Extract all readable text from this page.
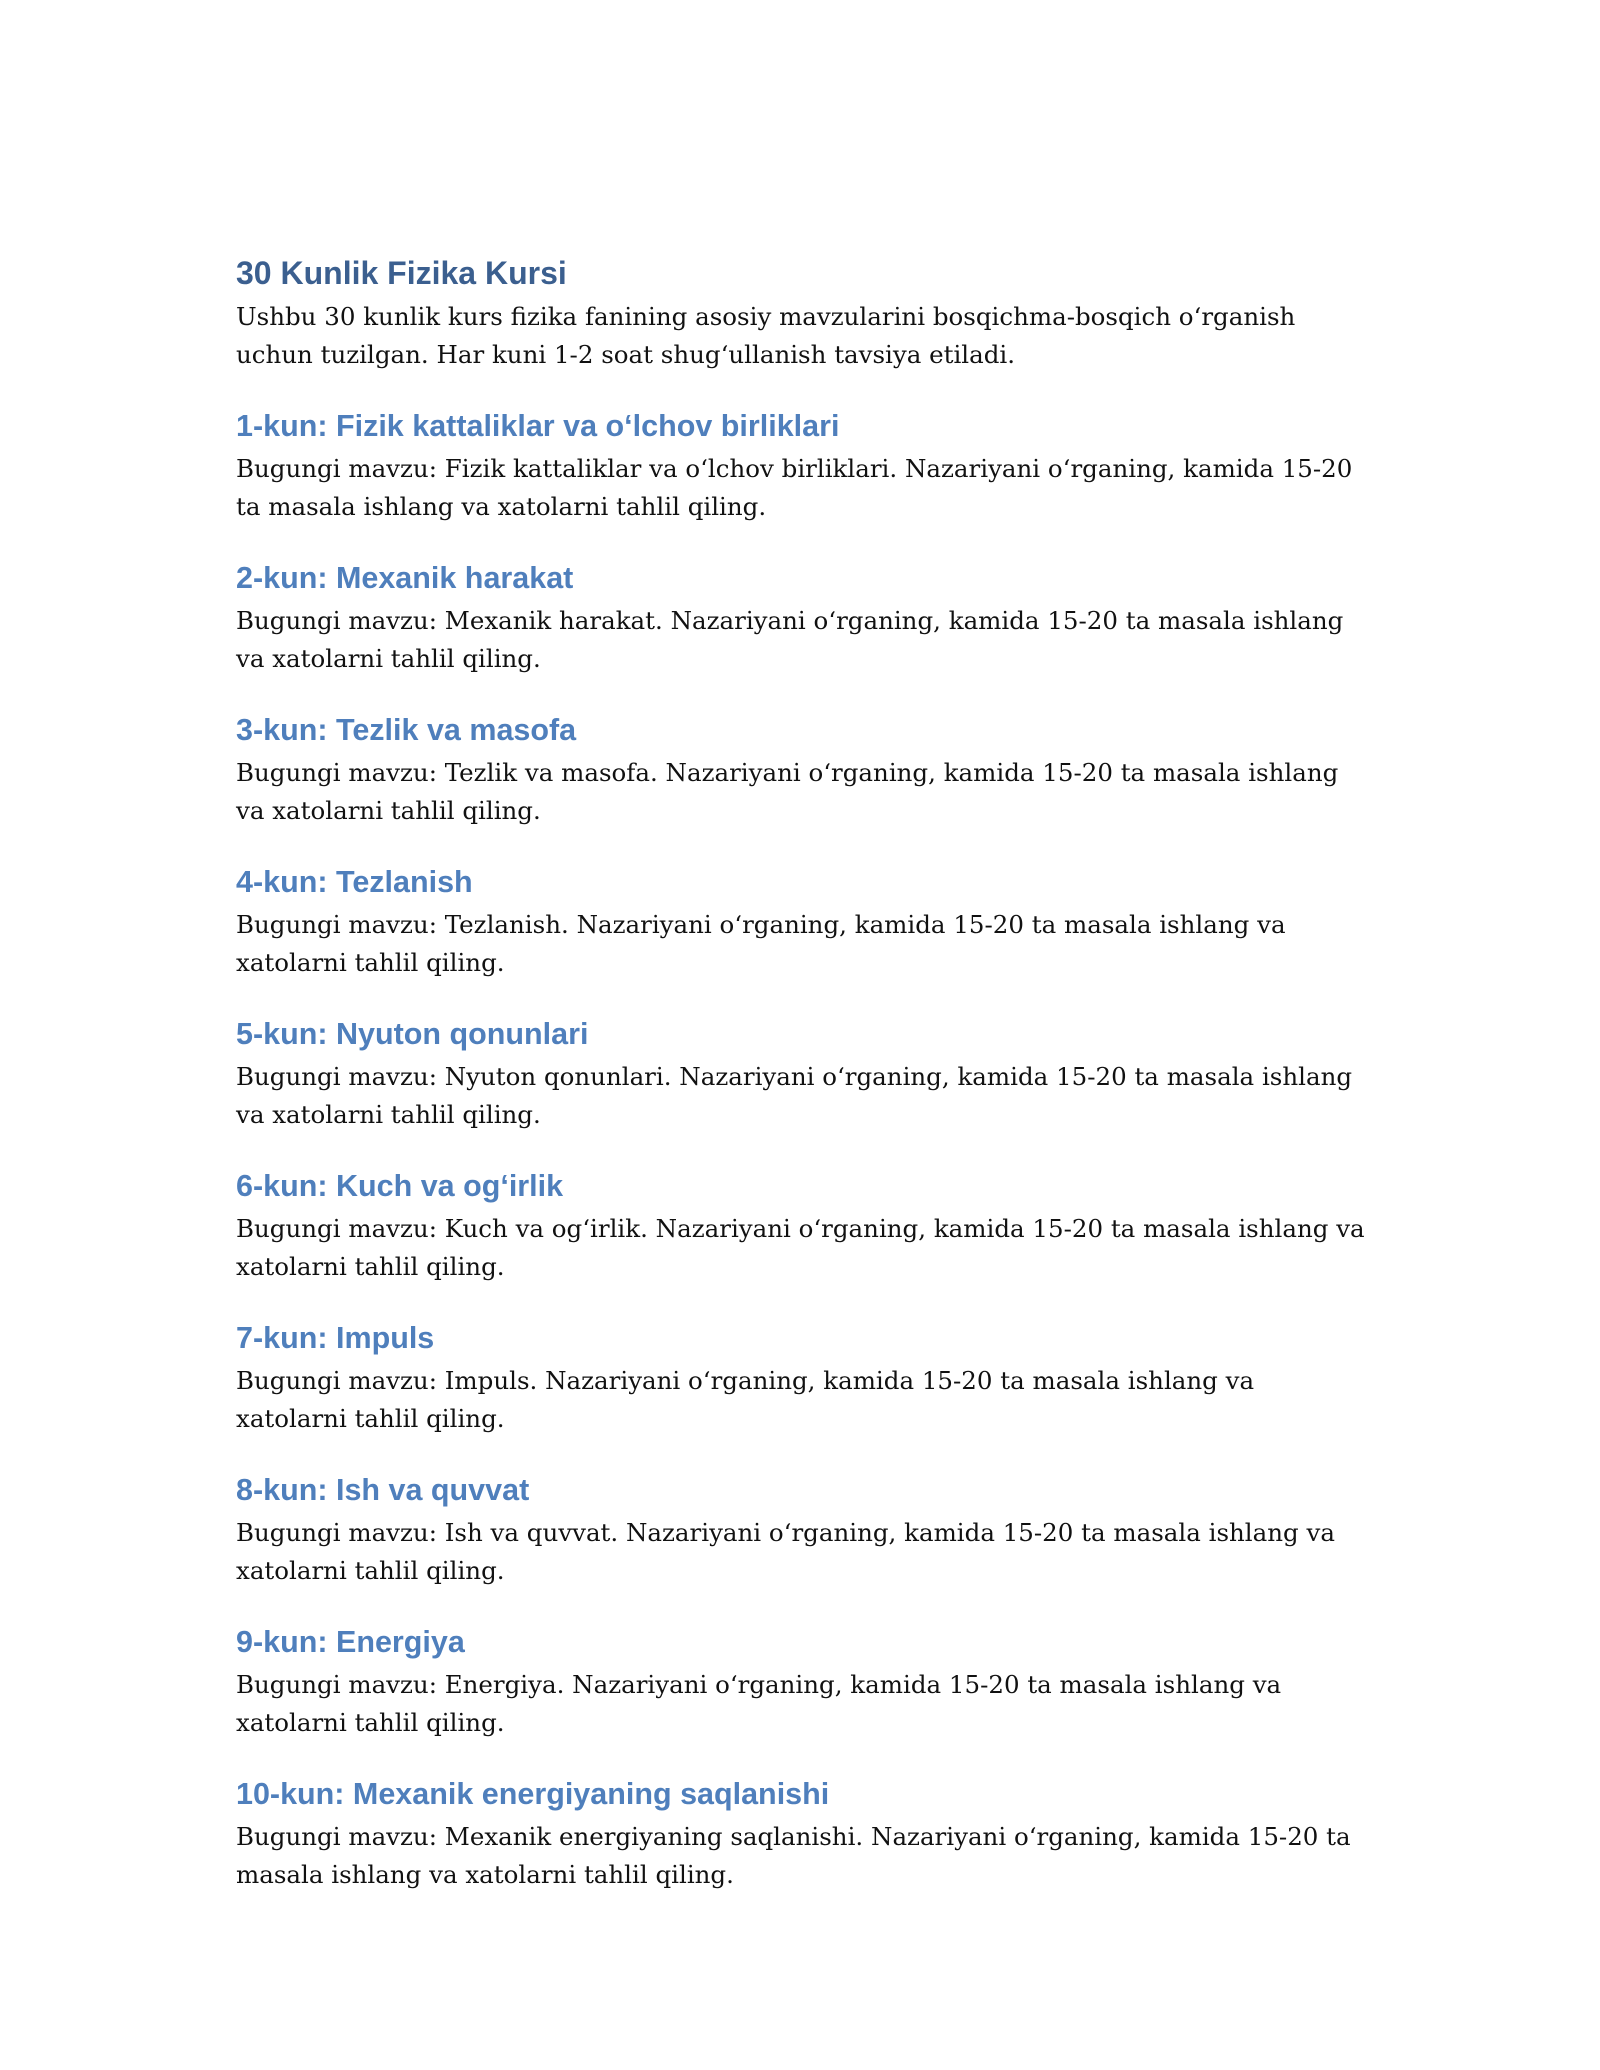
30 Kunlik Fizika Kursi

Ushbu 30 kunlik kurs fizika fanining asosiy mavzularini bosqichma-bosqich o‘rganish uchun tuzilgan. Har kuni 1-2 soat shug‘ullanish tavsiya etiladi.

1-kun: Fizik kattaliklar va o‘lchov birliklari

Bugungi mavzu: Fizik kattaliklar va o‘lchov birliklari. Nazariyani o‘rganing, kamida 15-20 ta masala ishlang va xatolarni tahlil qiling.

2-kun: Mexanik harakat

Bugungi mavzu: Mexanik harakat. Nazariyani o‘rganing, kamida 15-20 ta masala ishlang va xatolarni tahlil qiling.

3-kun: Tezlik va masofa

Bugungi mavzu: Tezlik va masofa. Nazariyani o‘rganing, kamida 15-20 ta masala ishlang va xatolarni tahlil qiling.

4-kun: Tezlanish

Bugungi mavzu: Tezlanish. Nazariyani o‘rganing, kamida 15-20 ta masala ishlang va xatolarni tahlil qiling.

5-kun: Nyuton qonunlari

Bugungi mavzu: Nyuton qonunlari. Nazariyani o‘rganing, kamida 15-20 ta masala ishlang va xatolarni tahlil qiling.

6-kun: Kuch va og‘irlik

Bugungi mavzu: Kuch va og‘irlik. Nazariyani o‘rganing, kamida 15-20 ta masala ishlang va xatolarni tahlil qiling.

7-kun: Impuls

Bugungi mavzu: Impuls. Nazariyani o‘rganing, kamida 15-20 ta masala ishlang va xatolarni tahlil qiling.

8-kun: Ish va quvvat

Bugungi mavzu: Ish va quvvat. Nazariyani o‘rganing, kamida 15-20 ta masala ishlang va xatolarni tahlil qiling.

9-kun: Energiya

Bugungi mavzu: Energiya. Nazariyani o‘rganing, kamida 15-20 ta masala ishlang va xatolarni tahlil qiling.

10-kun: Mexanik energiyaning saqlanishi

Bugungi mavzu: Mexanik energiyaning saqlanishi. Nazariyani o‘rganing, kamida 15-20 ta masala ishlang va xatolarni tahlil qiling.
